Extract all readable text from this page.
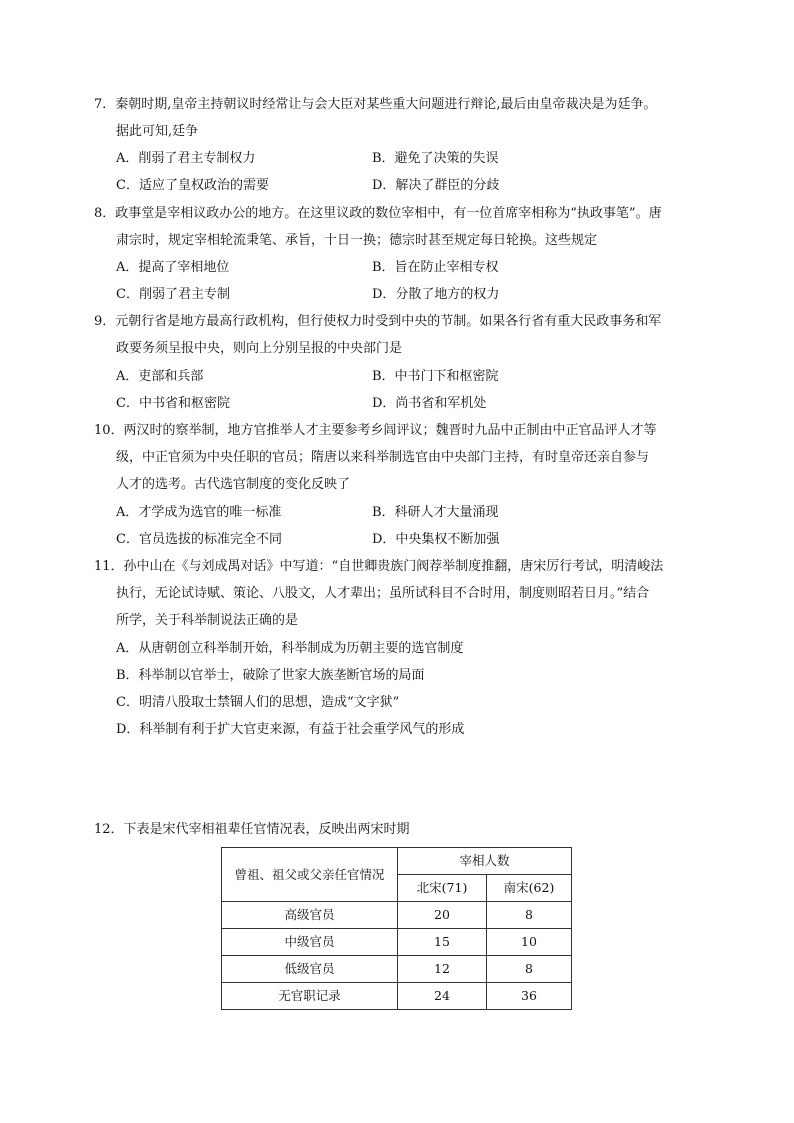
7．秦朝时期,皇帝主持朝议时经常让与会大臣对某些重大问题进行辩论,最后由皇帝裁决是为廷争。
据此可知,廷争
A．削弱了君主专制权力	B．避免了决策的失误
C．适应了皇权政治的需要	D．解决了群臣的分歧
8．政事堂是宰相议政办公的地方。在这里议政的数位宰相中，有一位首席宰相称为“执政事笔”。唐
肃宗时，规定宰相轮流秉笔、承旨，十日一换；德宗时甚至规定每日轮换。这些规定
A．提高了宰相地位	B．旨在防止宰相专权
C．削弱了君主专制	D．分散了地方的权力
9．元朝行省是地方最高行政机构，但行使权力时受到中央的节制。如果各行省有重大民政事务和军
政要务须呈报中央，则向上分别呈报的中央部门是
A．吏部和兵部	B．中书门下和枢密院
C．中书省和枢密院	D．尚书省和军机处
10．两汉时的察举制，地方官推举人才主要参考乡闾评议；魏晋时九品中正制由中正官品评人才等
级，中正官须为中央任职的官员；隋唐以来科举制选官由中央部门主持，有时皇帝还亲自参与
人才的选考。古代选官制度的变化反映了
A．才学成为选官的唯一标准	B．科研人才大量涌现
C．官员选拔的标准完全不同	D．中央集权不断加强
11．孙中山在《与刘成禺对话》中写道：“自世卿贵族门阀荐举制度推翻，唐宋厉行考试，明清峻法
执行，无论试诗赋、策论、八股文，人才辈出；虽所试科目不合时用，制度则昭若日月。”结合
所学，关于科举制说法正确的是
A．从唐朝创立科举制开始，科举制成为历朝主要的选官制度
B．科举制以官举士，破除了世家大族垄断官场的局面
C．明清八股取士禁锢人们的思想，造成“文字狱”
D．科举制有利于扩大官吏来源，有益于社会重学风气的形成
12．下表是宋代宰相祖辈任官情况表，反映出两宋时期
曾祖、祖父或父亲任官情况	宰相人数	
	北宋(71)	南宋(62)
高级官员	20	8
中级官员	15	10
低级官员	12	8
无官职记录	24	36
